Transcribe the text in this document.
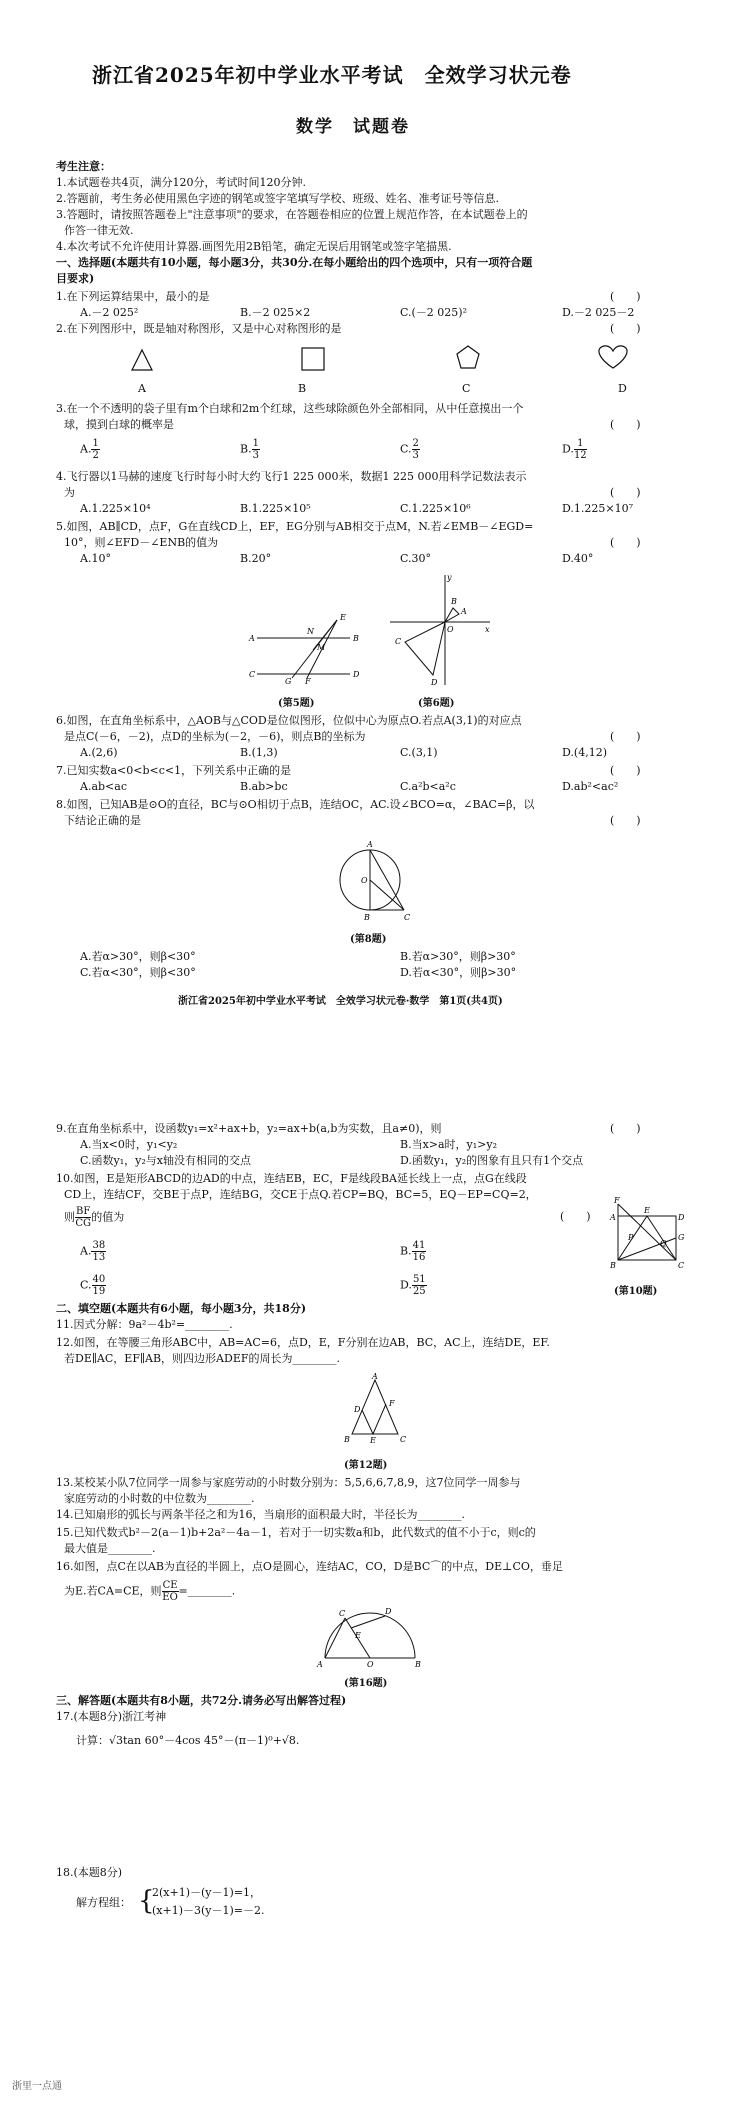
浙江省2025年初中学业水平考试　全效学习状元卷
数学　试题卷
考生注意：
1.本试题卷共4页，满分120分，考试时间120分钟.
2.答题前，考生务必使用黑色字迹的钢笔或签字笔填写学校、班级、姓名、准考证号等信息.
3.答题时，请按照答题卷上"注意事项"的要求，在答题卷相应的位置上规范作答，在本试题卷上的
作答一律无效.
4.本次考试不允许使用计算器.画图先用2B铅笔，确定无误后用钢笔或签字笔描黑.
一、选择题(本题共有10小题，每小题3分，共30分.在每小题给出的四个选项中，只有一项符合题
目要求)
1.在下列运算结果中，最小的是	(　　)
A.－2 025²	B.－2 025×2	C.(－2 025)²	D.－2 025－2
2.在下列图形中，既是轴对称图形，又是中心对称图形的是	(　　)
A	B	C	D
3.在一个不透明的袋子里有m个白球和2m个红球，这些球除颜色外全部相同，从中任意摸出一个
球，摸到白球的概率是	(　　)
A. $\frac{1}{2}$	B. $\frac{1}{3}$	C. $\frac{2}{3}$	D. $\frac{1}{12}$
4.飞行器以1马赫的速度飞行时每小时大约飞行1 225 000米，数据1 225 000用科学记数法表示
为	(　　)
A.1.225×10⁴	B.1.225×10⁵	C.1.225×10⁶	D.1.225×10⁷
5.如图，AB∥CD，点F，G在直线CD上，EF，EG分别与AB相交于点M，N.若∠EMB－∠EGD=
10°，则∠EFD－∠ENB的值为	(　　)
A.10°	B.20°	C.30°	D.40°
A
N
B
M
E
C
G F
D
(第5题)
y
B
A
O	x
C
D
(第6题)
6.如图，在直角坐标系中，△AOB与△COD是位似图形，位似中心为原点O.若点A(3,1)的对应点
是点C(－6，－2)，点D的坐标为(－2，－6)，则点B的坐标为	(　　)
A.(2,6)	B.(1,3)	C.(3,1)	D.(4,12)
7.已知实数a<0<b<c<1，下列关系中正确的是	(　　)
A.ab<ac	B.ab>bc	C.a²b<a²c	D.ab²<ac²
8.如图，已知AB是⊙O的直径，BC与⊙O相切于点B，连结OC，AC.设∠BCO=α，∠BAC=β，以
下结论正确的是	(　　)
A
O
B	C
(第8题)
A.若α>30°，则β<30°	B.若α>30°，则β>30°
C.若α<30°，则β<30°	D.若α<30°，则β>30°
浙江省2025年初中学业水平考试　全效学习状元卷·数学　第1页(共4页)
9.在直角坐标系中，设函数y₁=x²+ax+b，y₂=ax+b(a,b为实数，且a≠0)，则	(　　)
A.当x<0时，y₁<y₂	B.当x>a时，y₁>y₂
C.函数y₁，y₂与x轴没有相同的交点	D.函数y₁，y₂的图象有且只有1个交点
10.如图，E是矩形ABCD的边AD的中点，连结EB，EC，F是线段BA延长线上一点，点G在线段
CD上，连结CF，交BE于点P，连结BG，交CE于点Q.若CP=BQ，BC=5，EQ－EP=CQ=2，
则 $\frac{BF}{CG}$ 的值为	(　　)
A. $\frac{38}{13}$	B. $\frac{41}{16}$
C. $\frac{40}{19}$	D. $\frac{51}{25}$
F
A
E
D
P	G
Q
B	C
(第10题)
二、填空题(本题共有6小题，每小题3分，共18分)
11.因式分解：9a²－4b²=________.
12.如图，在等腰三角形ABC中，AB=AC=6，点D，E，F分别在边AB，BC，AC上，连结DE，EF.
若DE∥AC，EF∥AB，则四边形ADEF的周长为________.
A
D
F
B	E	C
(第12题)
13.某校某小队7位同学一周参与家庭劳动的小时数分别为：5,5,6,6,7,8,9，这7位同学一周参与
家庭劳动的小时数的中位数为________.
14.已知扇形的弧长与两条半径之和为16，当扇形的面积最大时，半径长为________.
15.已知代数式b²－2(a－1)b+2a²－4a－1，若对于一切实数a和b，此代数式的值不小于c，则c的
最大值是________.
16.如图，点C在以AB为直径的半圆上，点O是圆心，连结AC，CO，D是BC⌒的中点，DE⊥CO，垂足
为E.若CA=CE，则 $\frac{CE}{EO}$ =________.
C	D
E
A	O	B
(第16题)
三、解答题(本题共有8小题，共72分.请务必写出解答过程)
17.(本题8分)浙江考神
计算：√3tan 60°－4cos 45°－(π－1)⁰+√8.
18.(本题8分)
解方程组： {
2(x+1)－(y－1)=1，
(x+1)－3(y－1)=－2.
浙里一点通
